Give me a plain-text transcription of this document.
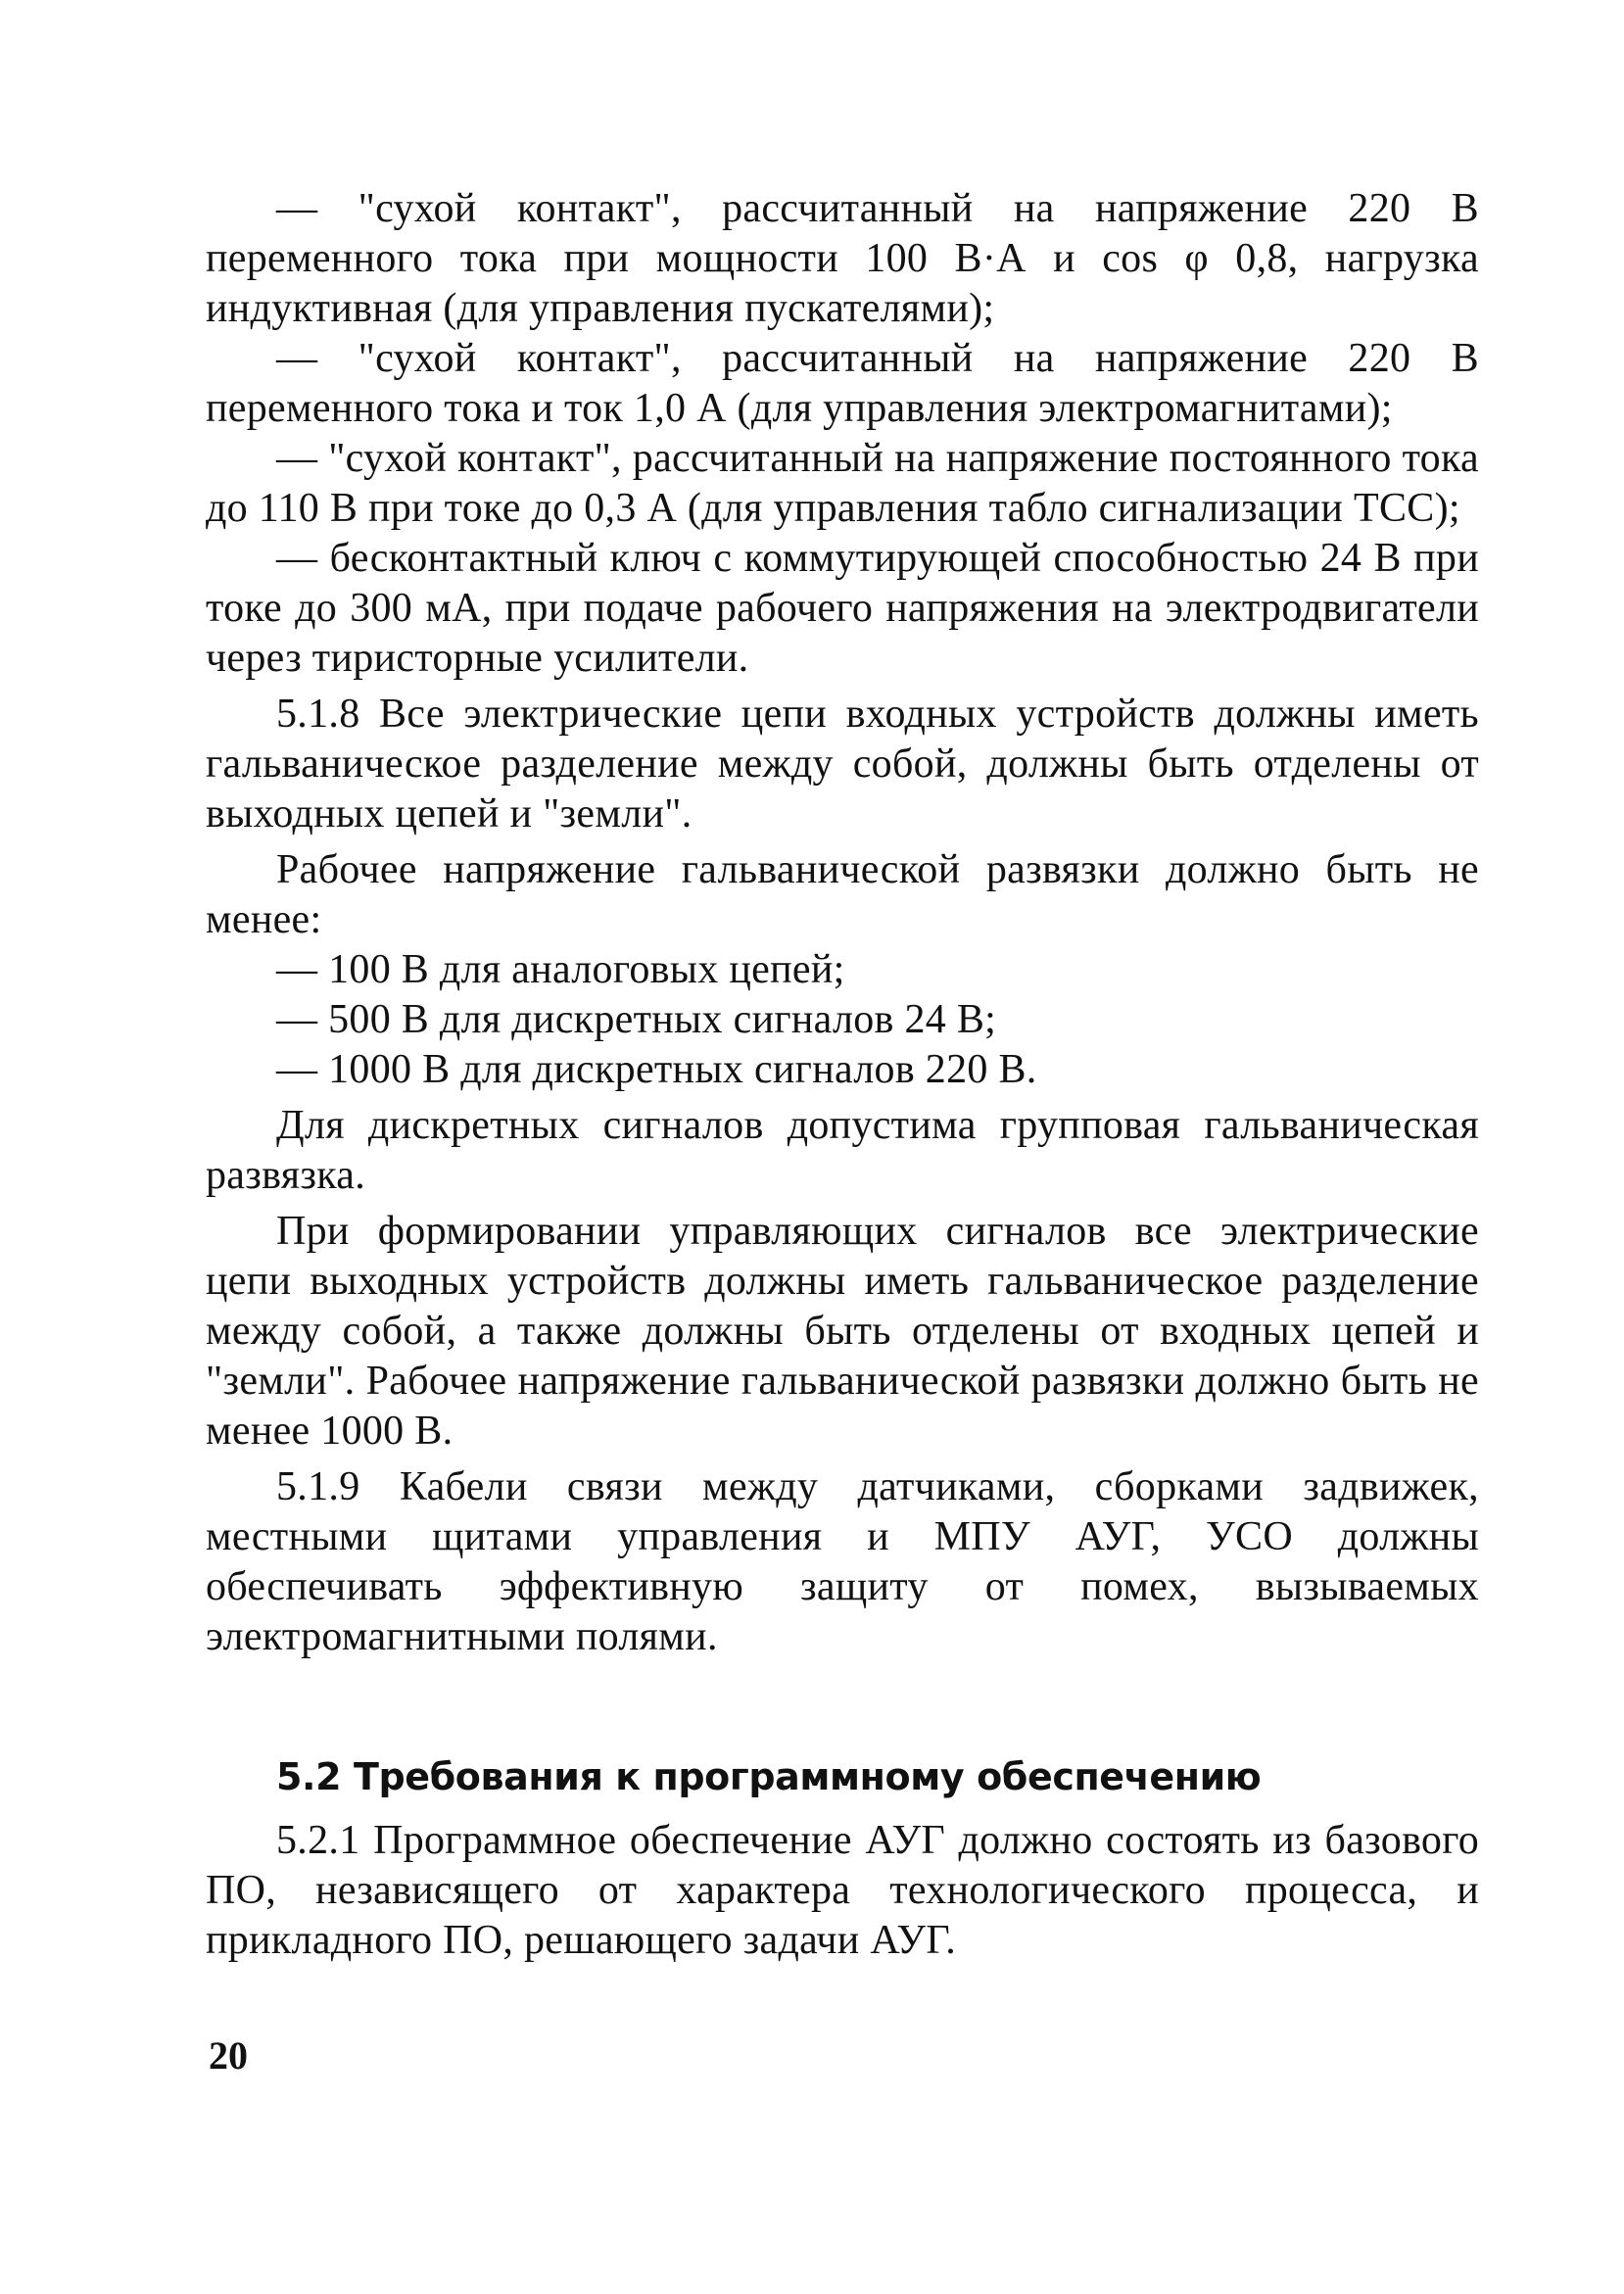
— "сухой контакт", рассчитанный на напряжение 220 В переменного тока при мощности 100 В·А и cos φ 0,8, нагрузка индуктивная (для управления пускателями);

— "сухой контакт", рассчитанный на напряжение 220 В переменного тока и ток 1,0 А (для управления электромагнитами);

— "сухой контакт", рассчитанный на напряжение постоянного тока до 110 В при токе до 0,3 А (для управления табло сигнализации ТСС);

— бесконтактный ключ с коммутирующей способностью 24 В при токе до 300 мА, при подаче рабочего напряжения на электродвигатели через тиристорные усилители.

5.1.8 Все электрические цепи входных устройств должны иметь гальваническое разделение между собой, должны быть отделены от выходных цепей и "земли".

Рабочее напряжение гальванической развязки должно быть не менее:

— 100 В для аналоговых цепей;

— 500 В для дискретных сигналов 24 В;

— 1000 В для дискретных сигналов 220 В.

Для дискретных сигналов допустима групповая гальваническая развязка.

При формировании управляющих сигналов все электрические цепи выходных устройств должны иметь гальваническое разделение между собой, а также должны быть отделены от входных цепей и "земли". Рабочее напряжение гальванической развязки должно быть не менее 1000 В.

5.1.9 Кабели связи между датчиками, сборками задвижек, местными щитами управления и МПУ АУГ, УСО должны обеспечивать эффективную защиту от помех, вызываемых электромагнитными полями.

5.2 Требования к программному обеспечению

5.2.1 Программное обеспечение АУГ должно состоять из базового ПО, независящего от характера технологического процесса, и прикладного ПО, решающего задачи АУГ.

20
